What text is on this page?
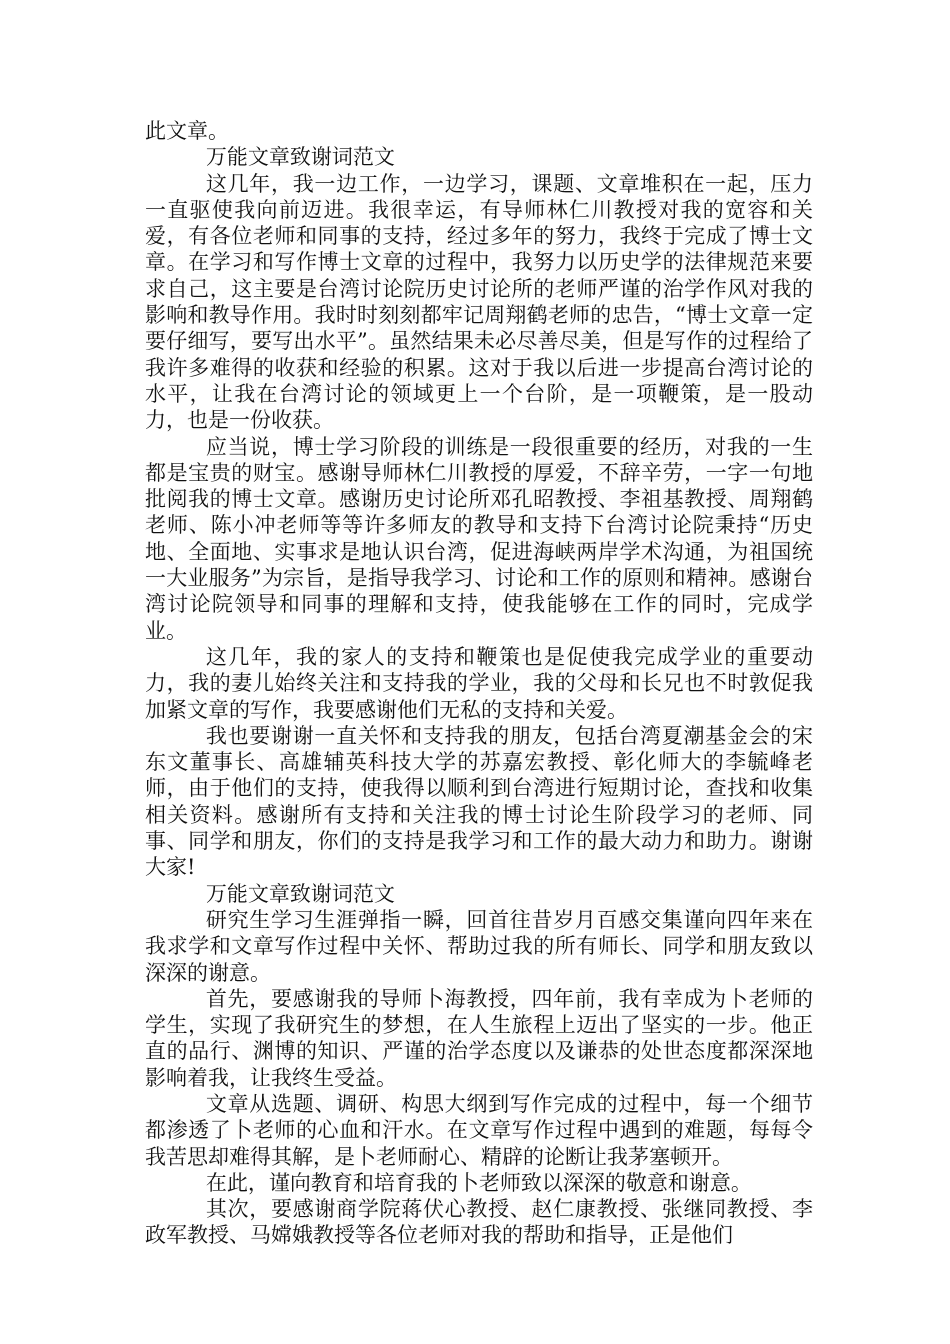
此文章。

万能文章致谢词范文

这几年，我一边工作，一边学习，课题、文章堆积在一起，压力一直驱使我向前迈进。我很幸运，有导师林仁川教授对我的宽容和关爱，有各位老师和同事的支持，经过多年的努力，我终于完成了博士文章。在学习和写作博士文章的过程中，我努力以历史学的法律规范来要求自己，这主要是台湾讨论院历史讨论所的老师严谨的治学作风对我的影响和教导作用。我时时刻刻都牢记周翔鹤老师的忠告，“博士文章一定要仔细写，要写出水平”。虽然结果未必尽善尽美，但是写作的过程给了我许多难得的收获和经验的积累。这对于我以后进一步提高台湾讨论的水平，让我在台湾讨论的领域更上一个台阶，是一项鞭策，是一股动力，也是一份收获。

应当说，博士学习阶段的训练是一段很重要的经历，对我的一生都是宝贵的财宝。感谢导师林仁川教授的厚爱，不辞辛劳，一字一句地批阅我的博士文章。感谢历史讨论所邓孔昭教授、李祖基教授、周翔鹤老师、陈小冲老师等等许多师友的教导和支持下台湾讨论院秉持“历史地、全面地、实事求是地认识台湾，促进海峡两岸学术沟通，为祖国统一大业服务”为宗旨，是指导我学习、讨论和工作的原则和精神。感谢台湾讨论院领导和同事的理解和支持，使我能够在工作的同时，完成学业。

这几年，我的家人的支持和鞭策也是促使我完成学业的重要动力，我的妻儿始终关注和支持我的学业，我的父母和长兄也不时敦促我加紧文章的写作，我要感谢他们无私的支持和关爱。

我也要谢谢一直关怀和支持我的朋友，包括台湾夏潮基金会的宋东文董事长、高雄辅英科技大学的苏嘉宏教授、彰化师大的李毓峰老师，由于他们的支持，使我得以顺利到台湾进行短期讨论，查找和收集相关资料。感谢所有支持和关注我的博士讨论生阶段学习的老师、同事、同学和朋友，你们的支持是我学习和工作的最大动力和助力。谢谢大家!

万能文章致谢词范文

研究生学习生涯弹指一瞬，回首往昔岁月百感交集谨向四年来在我求学和文章写作过程中关怀、帮助过我的所有师长、同学和朋友致以深深的谢意。

首先，要感谢我的导师卜海教授，四年前，我有幸成为卜老师的学生，实现了我研究生的梦想，在人生旅程上迈出了坚实的一步。他正直的品行、渊博的知识、严谨的治学态度以及谦恭的处世态度都深深地影响着我，让我终生受益。

文章从选题、调研、构思大纲到写作完成的过程中，每一个细节都渗透了卜老师的心血和汗水。在文章写作过程中遇到的难题，每每令我苦思却难得其解，是卜老师耐心、精辟的论断让我茅塞顿开。

在此，谨向教育和培育我的卜老师致以深深的敬意和谢意。

其次，要感谢商学院蒋伏心教授、赵仁康教授、张继同教授、李政军教授、马嫦娥教授等各位老师对我的帮助和指导，正是他们
